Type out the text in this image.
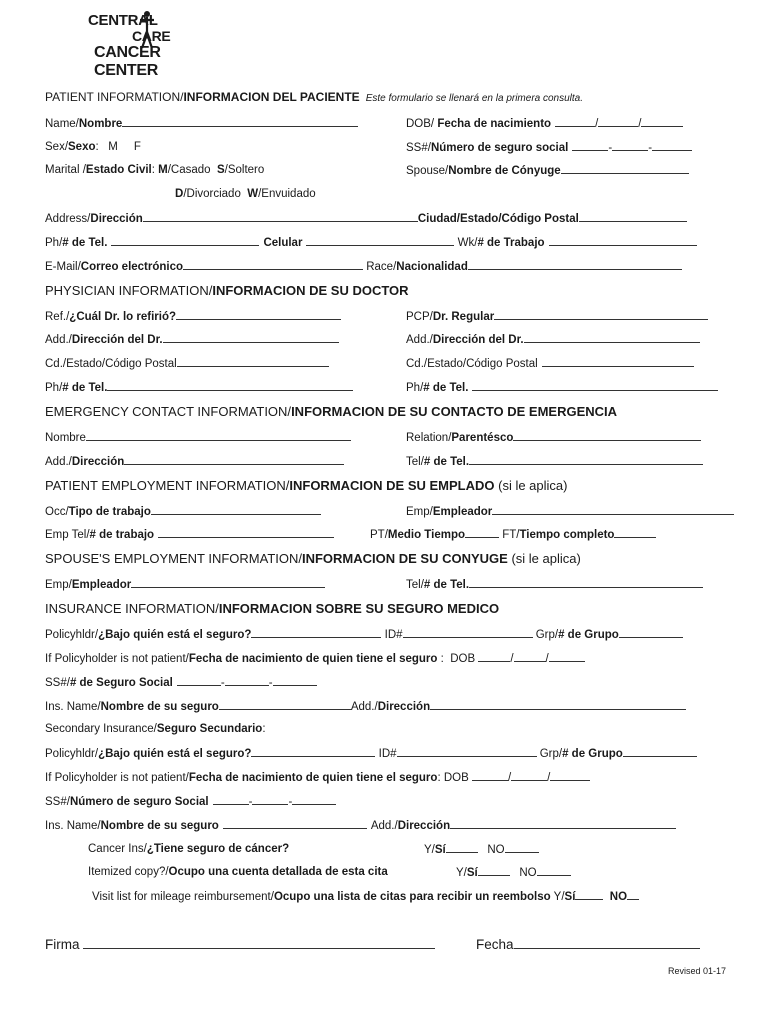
CENTRAL
CARE
CANCER CENTER
PATIENT INFORMATION/INFORMACION DEL PACIENTE Este formulario se llenará en la primera consulta.
Name/Nombre	DOB/ Fecha de nacimiento	/	/
Sex/Sexo:   M     F	SS#/Número de seguro social	-	-
Marital /Estado Civil: M/Casado  S/Soltero	Spouse/Nombre de Cónyuge
D/Divorciado  W/Envuidado
Address/Dirección	Ciudad/Estado/Código Postal
Ph/# de Tel.	Celular	Wk/# de Trabajo
E-Mail/Correo electrónico	Race/Nacionalidad
PHYSICIAN INFORMATION/INFORMACION DE SU DOCTOR
Ref./¿Cuál Dr. lo refirió?	PCP/Dr. Regular
Add./Dirección del Dr.	Add./Dirección del Dr.
Cd./Estado/Código Postal	Cd./Estado/Código Postal
Ph/# de Tel.	Ph/# de Tel.
EMERGENCY CONTACT INFORMATION/INFORMACION DE SU CONTACTO DE EMERGENCIA
Nombre	Relation/Parentésco
Add./Dirección	Tel/# de Tel.
PATIENT EMPLOYMENT INFORMATION/INFORMACION DE SU EMPLADO (si le aplica)
Occ/Tipo de trabajo	Emp/Empleador
Emp Tel/# de trabajo	PT/Medio Tiempo	FT/Tiempo completo
SPOUSE'S EMPLOYMENT INFORMATION/INFORMACION DE SU CONYUGE (si le aplica)
Emp/Empleador	Tel/# de Tel.
INSURANCE INFORMATION/INFORMACION SOBRE SU SEGURO MEDICO
Policyhldr/¿Bajo quién está el seguro?	ID#	Grp/# de Grupo
If Policyholder is not patient/Fecha de nacimiento de quien tiene el seguro :  DOB	/	/
SS#/# de Seguro Social	-	-
Ins. Name/Nombre de su seguro	Add./Dirección
Secondary Insurance/Seguro Secundario:
Policyhldr/¿Bajo quién está el seguro?	ID#	Grp/# de Grupo
If Policyholder is not patient/Fecha de nacimiento de quien tiene el seguro: DOB	/	/
SS#/Número de seguro Social	-	-
Ins. Name/Nombre de su seguro	Add./Dirección
Cancer Ins/¿Tiene seguro de cáncer?	Y/Sí	NO
Itemized copy?/Ocupo una cuenta detallada de esta cita	Y/Sí	NO
Visit list for mileage reimbursement/Ocupo una lista de citas para recibir un reembolso Y/Sí	NO
Firma	Fecha
Revised 01-17
